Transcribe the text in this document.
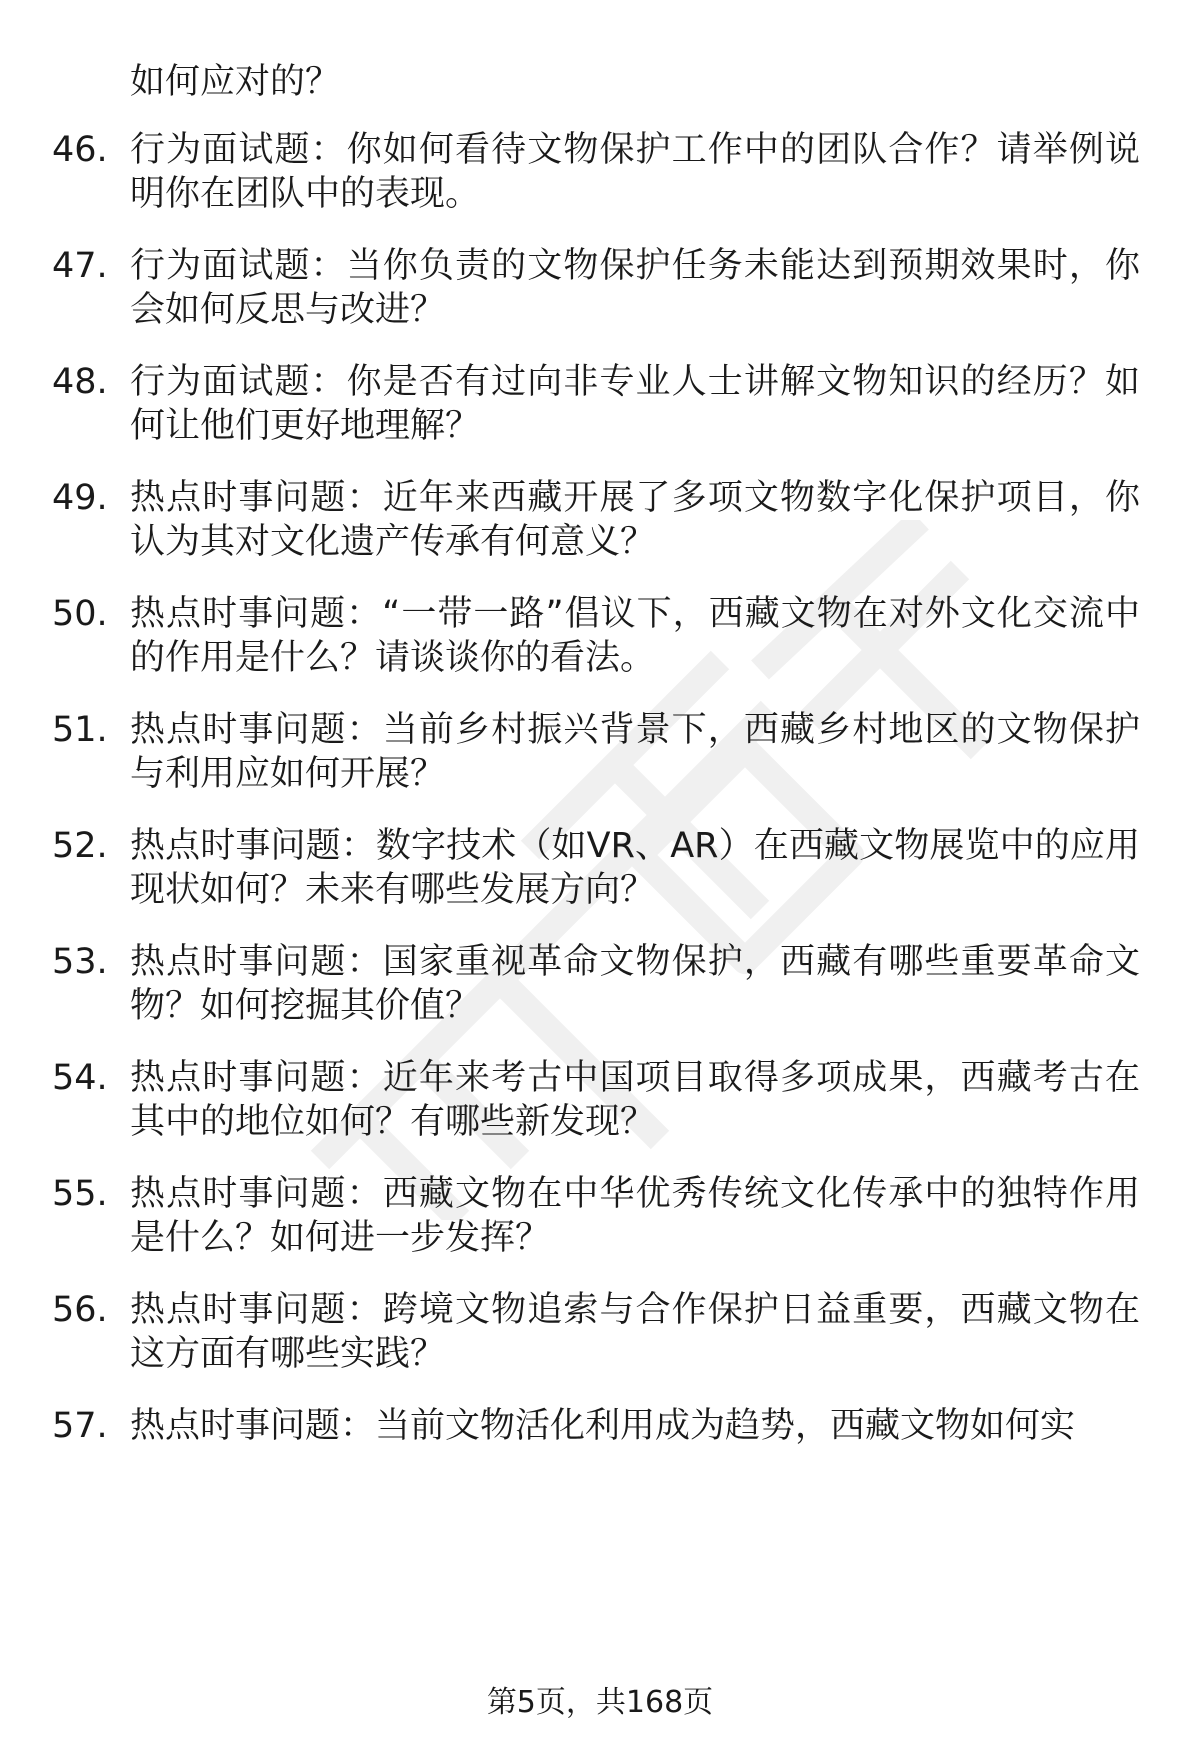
如何应对的？

46. 行为面试题：你如何看待文物保护工作中的团队合作？请举例说明你在团队中的表现。

47. 行为面试题：当你负责的文物保护任务未能达到预期效果时，你会如何反思与改进？

48. 行为面试题：你是否有过向非专业人士讲解文物知识的经历？如何让他们更好地理解？

49. 热点时事问题：近年来西藏开展了多项文物数字化保护项目，你认为其对文化遗产传承有何意义？

50. 热点时事问题：“一带一路”倡议下，西藏文物在对外文化交流中的作用是什么？请谈谈你的看法。

51. 热点时事问题：当前乡村振兴背景下，西藏乡村地区的文物保护与利用应如何开展？

52. 热点时事问题：数字技术（如VR、AR）在西藏文物展览中的应用现状如何？未来有哪些发展方向？

53. 热点时事问题：国家重视革命文物保护，西藏有哪些重要革命文物？如何挖掘其价值？

54. 热点时事问题：近年来考古中国项目取得多项成果，西藏考古在其中的地位如何？有哪些新发现？

55. 热点时事问题：西藏文物在中华优秀传统文化传承中的独特作用是什么？如何进一步发挥？

56. 热点时事问题：跨境文物追索与合作保护日益重要，西藏文物在这方面有哪些实践？

57. 热点时事问题：当前文物活化利用成为趋势，西藏文物如何实

第5页，共168页
